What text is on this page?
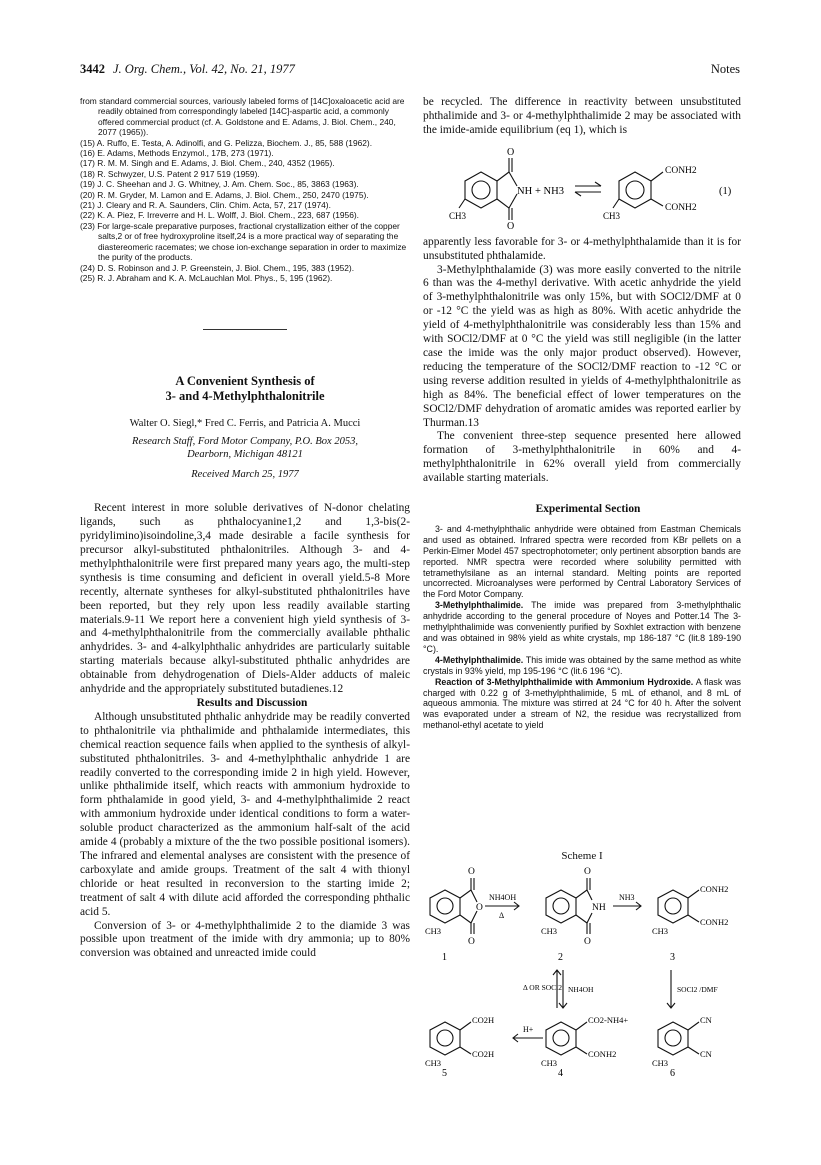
3442 J. Org. Chem., Vol. 42, No. 21, 1977	Notes

from standard commercial sources, variously labeled forms of [14C]oxaloacetic acid are readily obtained from correspondingly labeled [14C]-aspartic acid, a commonly offered commercial product (cf. A. Goldstone and E. Adams, J. Biol. Chem., 240, 2077 (1965)).

(15) A. Ruffo, E. Testa, A. Adinolfi, and G. Pelizza, Biochem. J., 85, 588 (1962).

(16) E. Adams, Methods Enzymol., 17B, 273 (1971).

(17) R. M. M. Singh and E. Adams, J. Biol. Chem., 240, 4352 (1965).

(18) R. Schwyzer, U.S. Patent 2 917 519 (1959).

(19) J. C. Sheehan and J. G. Whitney, J. Am. Chem. Soc., 85, 3863 (1963).

(20) R. M. Gryder, M. Lamon and E. Adams, J. Biol. Chem., 250, 2470 (1975).

(21) J. Cleary and R. A. Saunders, Clin. Chim. Acta, 57, 217 (1974).

(22) K. A. Piez, F. Irreverre and H. L. Wolff, J. Biol. Chem., 223, 687 (1956).

(23) For large-scale preparative purposes, fractional crystallization either of the copper salts,2 or of free hydroxyproline itself,24 is a more practical way of separating the diastereomeric racemates; we chose ion-exchange separation in order to maximize the purity of the products.

(24) D. S. Robinson and J. P. Greenstein, J. Biol. Chem., 195, 383 (1952).

(25) R. J. Abraham and K. A. McLauchlan Mol. Phys., 5, 195 (1962).

A Convenient Synthesis of

3- and 4-Methylphthalonitrile

Walter O. Siegl,* Fred C. Ferris, and Patricia A. Mucci

Research Staff, Ford Motor Company, P.O. Box 2053,

Dearborn, Michigan 48121

Received March 25, 1977

Recent interest in more soluble derivatives of N-donor chelating ligands, such as phthalocyanine1,2 and 1,3-bis(2-pyridylimino)isoindoline,3,4 made desirable a facile synthesis for precursor alkyl-substituted phthalonitriles. Although 3- and 4-methylphthalonitrile were first prepared many years ago, the multi-step synthesis is time consuming and deficient in overall yield.5-8 More recently, alternate syntheses for alkyl-substituted phthalonitriles have been reported, but they rely upon less readily available starting materials.9-11 We report here a convenient high yield synthesis of 3- and 4-methylphthalonitrile from the commercially available phthalic anhydrides. 3- and 4-alkylphthalic anhydrides are particularly suitable starting materials because alkyl-substituted phthalic anhydrides are obtainable from dehydrogenation of Diels-Alder adducts of maleic anhydride and the appropriately substituted butadienes.12

Results and Discussion

Although unsubstituted phthalic anhydride may be readily converted to phthalonitrile via phthalimide and phthalamide intermediates, this chemical reaction sequence fails when applied to the synthesis of alkyl-substituted phthalonitriles. 3- and 4-methylphthalic anhydride 1 are readily converted to the corresponding imide 2 in high yield. However, unlike phthalimide itself, which reacts with ammonium hydroxide to form phthalamide in good yield, 3- and 4-methylphthalimide 2 react with ammonium hydroxide under identical conditions to form a water-soluble product characterized as the ammonium half-salt of the acid amide 4 (probably a mixture of the the two possible positional isomers). The infrared and elemental analyses are consistent with the presence of carboxylate and amide groups. Treatment of the salt 4 with thionyl chloride or heat resulted in reconversion to the starting imide 2; treatment of salt 4 with dilute acid afforded the corresponding phthalic acid 5.

Conversion of 3- or 4-methylphthalimide 2 to the diamide 3 was possible upon treatment of the imide with dry ammonia; up to 80% conversion was obtained and unreacted imide could

be recycled. The difference in reactivity between unsubstituted phthalimide and 3- or 4-methylphthalimide 2 may be associated with the imide-amide equilibrium (eq 1), which is

O
O
NH + NH3
CH3
CONH2
CONH2
CH3
(1)

apparently less favorable for 3- or 4-methylphthalamide than it is for unsubstituted phthalamide.

3-Methylphthalamide (3) was more easily converted to the nitrile 6 than was the 4-methyl derivative. With acetic anhydride the yield of 3-methylphthalonitrile was only 15%, but with SOCl2/DMF at 0 or -12 °C the yield was as high as 80%. With acetic anhydride the yield of 4-methylphthalonitrile was considerably less than 15% and with SOCl2/DMF at 0 °C the yield was still negligible (in the latter case the imide was the only major product observed). However, reducing the temperature of the SOCl2/DMF reaction to -12 °C or using reverse addition resulted in yields of 4-methylphthalonitrile as high as 84%. The beneficial effect of lower temperatures on the SOCl2/DMF dehydration of aromatic amides was reported earlier by Thurman.13

The convenient three-step sequence presented here allowed formation of 3-methylphthalonitrile in 60% and 4-methylphthalonitrile in 62% overall yield from commercially available starting materials.

Experimental Section

3- and 4-methylphthalic anhydride were obtained from Eastman Chemicals and used as obtained. Infrared spectra were recorded from KBr pellets on a Perkin-Elmer Model 457 spectrophotometer; only pertinent absorption bands are reported. NMR spectra were recorded where solubility permitted with tetramethylsilane as an internal standard. Melting points are reported uncorrected. Microanalyses were performed by Central Laboratory Services of the Ford Motor Company.

3-Methylphthalimide. The imide was prepared from 3-methylphthalic anhydride according to the general procedure of Noyes and Potter.14 The 3-methylphthalimide was conveniently purified by Soxhlet extraction with benzene and was obtained in 98% yield as white crystals, mp 186-187 °C (lit.8 189-190 °C).

4-Methylphthalimide. This imide was obtained by the same method as white crystals in 93% yield, mp 195-196 °C (lit.6 196 °C).

Reaction of 3-Methylphthalimide with Ammonium Hydroxide. A flask was charged with 0.22 g of 3-methylphthalimide, 5 mL of ethanol, and 8 mL of aqueous ammonia. The mixture was stirred at 24 °C for 40 h. After the solvent was evaporated under a stream of N2, the residue was recrystallized from methanol-ethyl acetate to yield

Scheme I

O
O
O
CH3
NH4OH
Δ
O
O
NH
CH3
NH3
CONH2
CONH2
CH3
1	2	3
Δ OR SOCl2 NH4OH	SOCl2 /DMF
CO2H
CO2H
CH3
H+
CO2-NH4+
CONH2
CH3
CN
CN
CH3
5	4	6
